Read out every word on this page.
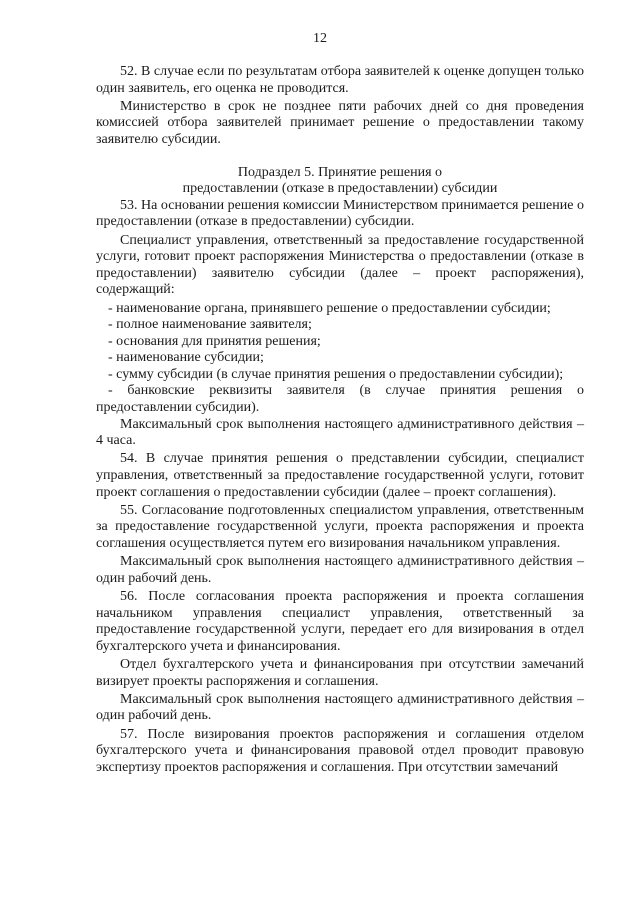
12

52. В случае если по результатам отбора заявителей к оценке допущен только один заявитель, его оценка не проводится.

Министерство в срок не позднее пяти рабочих дней со дня проведения комиссией отбора заявителей принимает решение о предоставлении такому заявителю субсидии.

Подраздел 5. Принятие решения о
предоставлении (отказе в предоставлении) субсидии

53. На основании решения комиссии Министерством принимается решение о предоставлении (отказе в предоставлении) субсидии.

Специалист управления, ответственный за предоставление государственной услуги, готовит проект распоряжения Министерства о предоставлении (отказе в предоставлении) заявителю субсидии (далее – проект распоряжения), содержащий:

- наименование органа, принявшего решение о предоставлении субсидии;

- полное наименование заявителя;

- основания для принятия решения;

- наименование субсидии;

- сумму субсидии (в случае принятия решения о предоставлении субсидии);

- банковские реквизиты заявителя (в случае принятия решения о предоставлении субсидии).

Максимальный срок выполнения настоящего административного действия – 4 часа.

54. В случае принятия решения о представлении субсидии, специалист управления, ответственный за предоставление государственной услуги, готовит проект соглашения о предоставлении субсидии (далее – проект соглашения).

55. Согласование подготовленных специалистом управления, ответственным за предоставление государственной услуги, проекта распоряжения и проекта соглашения осуществляется путем его визирования начальником управления.

Максимальный срок выполнения настоящего административного действия – один рабочий день.

56. После согласования проекта распоряжения и проекта соглашения начальником управления специалист управления, ответственный за предоставление государственной услуги, передает его для визирования в отдел бухгалтерского учета и финансирования.

Отдел бухгалтерского учета и финансирования при отсутствии замечаний визирует проекты распоряжения и соглашения.

Максимальный срок выполнения настоящего административного действия – один рабочий день.

57. После визирования проектов распоряжения и соглашения отделом бухгалтерского учета и финансирования правовой отдел проводит правовую экспертизу проектов распоряжения и соглашения. При отсутствии замечаний
